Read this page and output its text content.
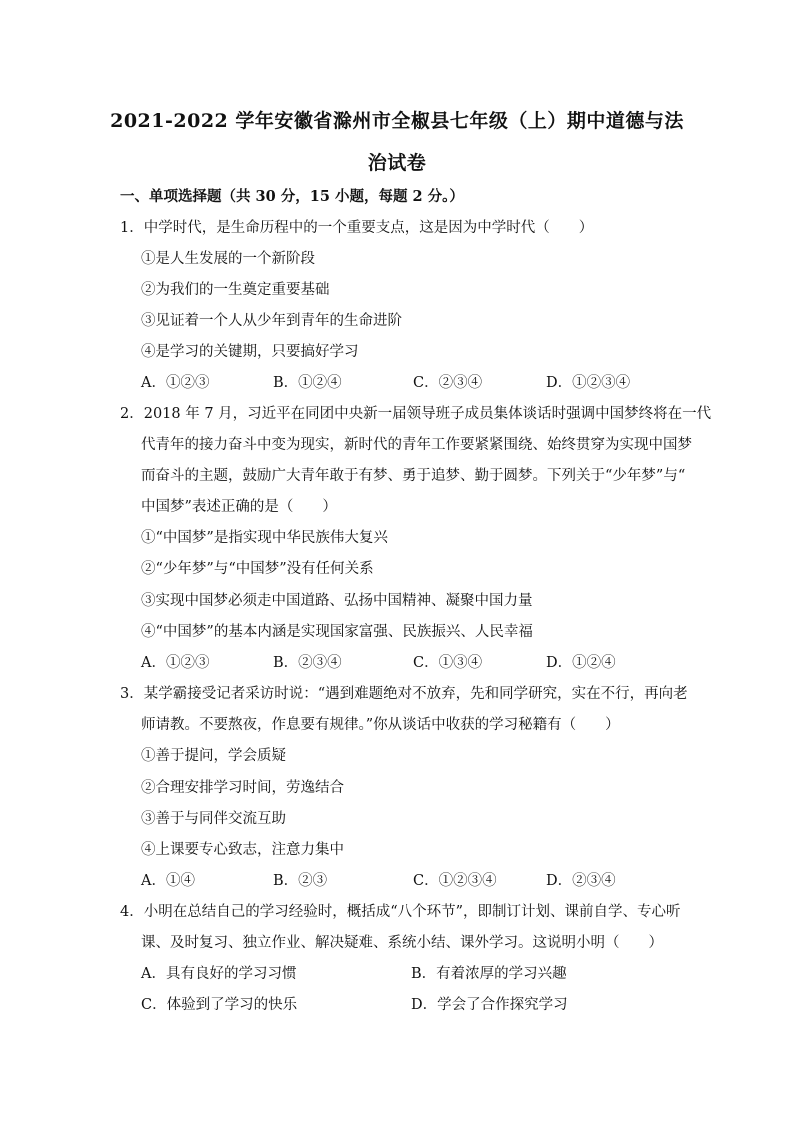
2021-2022 学年安徽省滁州市全椒县七年级（上）期中道德与法
治试卷
一、单项选择题（共 30 分，15 小题，每题 2 分。）
1．中学时代，是生命历程中的一个重要支点，这是因为中学时代（　　）
①是人生发展的一个新阶段
②为我们的一生奠定重要基础
③见证着一个人从少年到青年的生命进阶
④是学习的关键期，只要搞好学习
A．①②③	B．①②④	C．②③④	D．①②③④
2．2018 年 7 月，习近平在同团中央新一届领导班子成员集体谈话时强调中国梦终将在一代
代青年的接力奋斗中变为现实，新时代的青年工作要紧紧围绕、始终贯穿为实现中国梦
而奋斗的主题，鼓励广大青年敢于有梦、勇于追梦、勤于圆梦。下列关于“少年梦”与“
中国梦”表述正确的是（　　）
①“中国梦”是指实现中华民族伟大复兴
②“少年梦”与“中国梦”没有任何关系
③实现中国梦必须走中国道路、弘扬中国精神、凝聚中国力量
④“中国梦”的基本内涵是实现国家富强、民族振兴、人民幸福
A．①②③	B．②③④	C．①③④	D．①②④
3．某学霸接受记者采访时说：“遇到难题绝对不放弃，先和同学研究，实在不行，再向老
师请教。不要熬夜，作息要有规律。”你从谈话中收获的学习秘籍有（　　）
①善于提问，学会质疑
②合理安排学习时间，劳逸结合
③善于与同伴交流互助
④上课要专心致志，注意力集中
A．①④	B．②③	C．①②③④	D．②③④
4．小明在总结自己的学习经验时，概括成“八个环节”，即制订计划、课前自学、专心听
课、及时复习、独立作业、解决疑难、系统小结、课外学习。这说明小明（　　）
A．具有良好的学习习惯	B．有着浓厚的学习兴趣
C．体验到了学习的快乐	D．学会了合作探究学习
